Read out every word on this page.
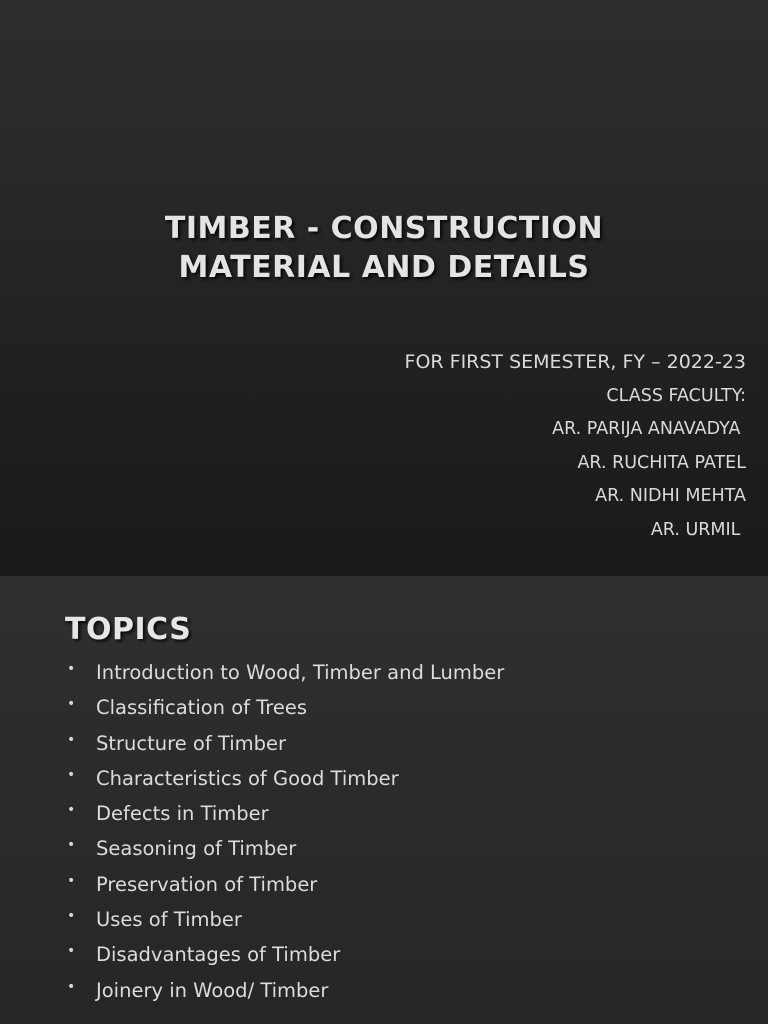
TIMBER - CONSTRUCTION
MATERIAL AND DETAILS
FOR FIRST SEMESTER, FY – 2022-23
CLASS FACULTY:
AR. PARIJA ANAVADYA
AR. RUCHITA PATEL
AR. NIDHI MEHTA
AR. URMIL
TOPICS
• Introduction to Wood, Timber and Lumber
• Classification of Trees
• Structure of Timber
• Characteristics of Good Timber
• Defects in Timber
• Seasoning of Timber
• Preservation of Timber
• Uses of Timber
• Disadvantages of Timber
• Joinery in Wood/ Timber
